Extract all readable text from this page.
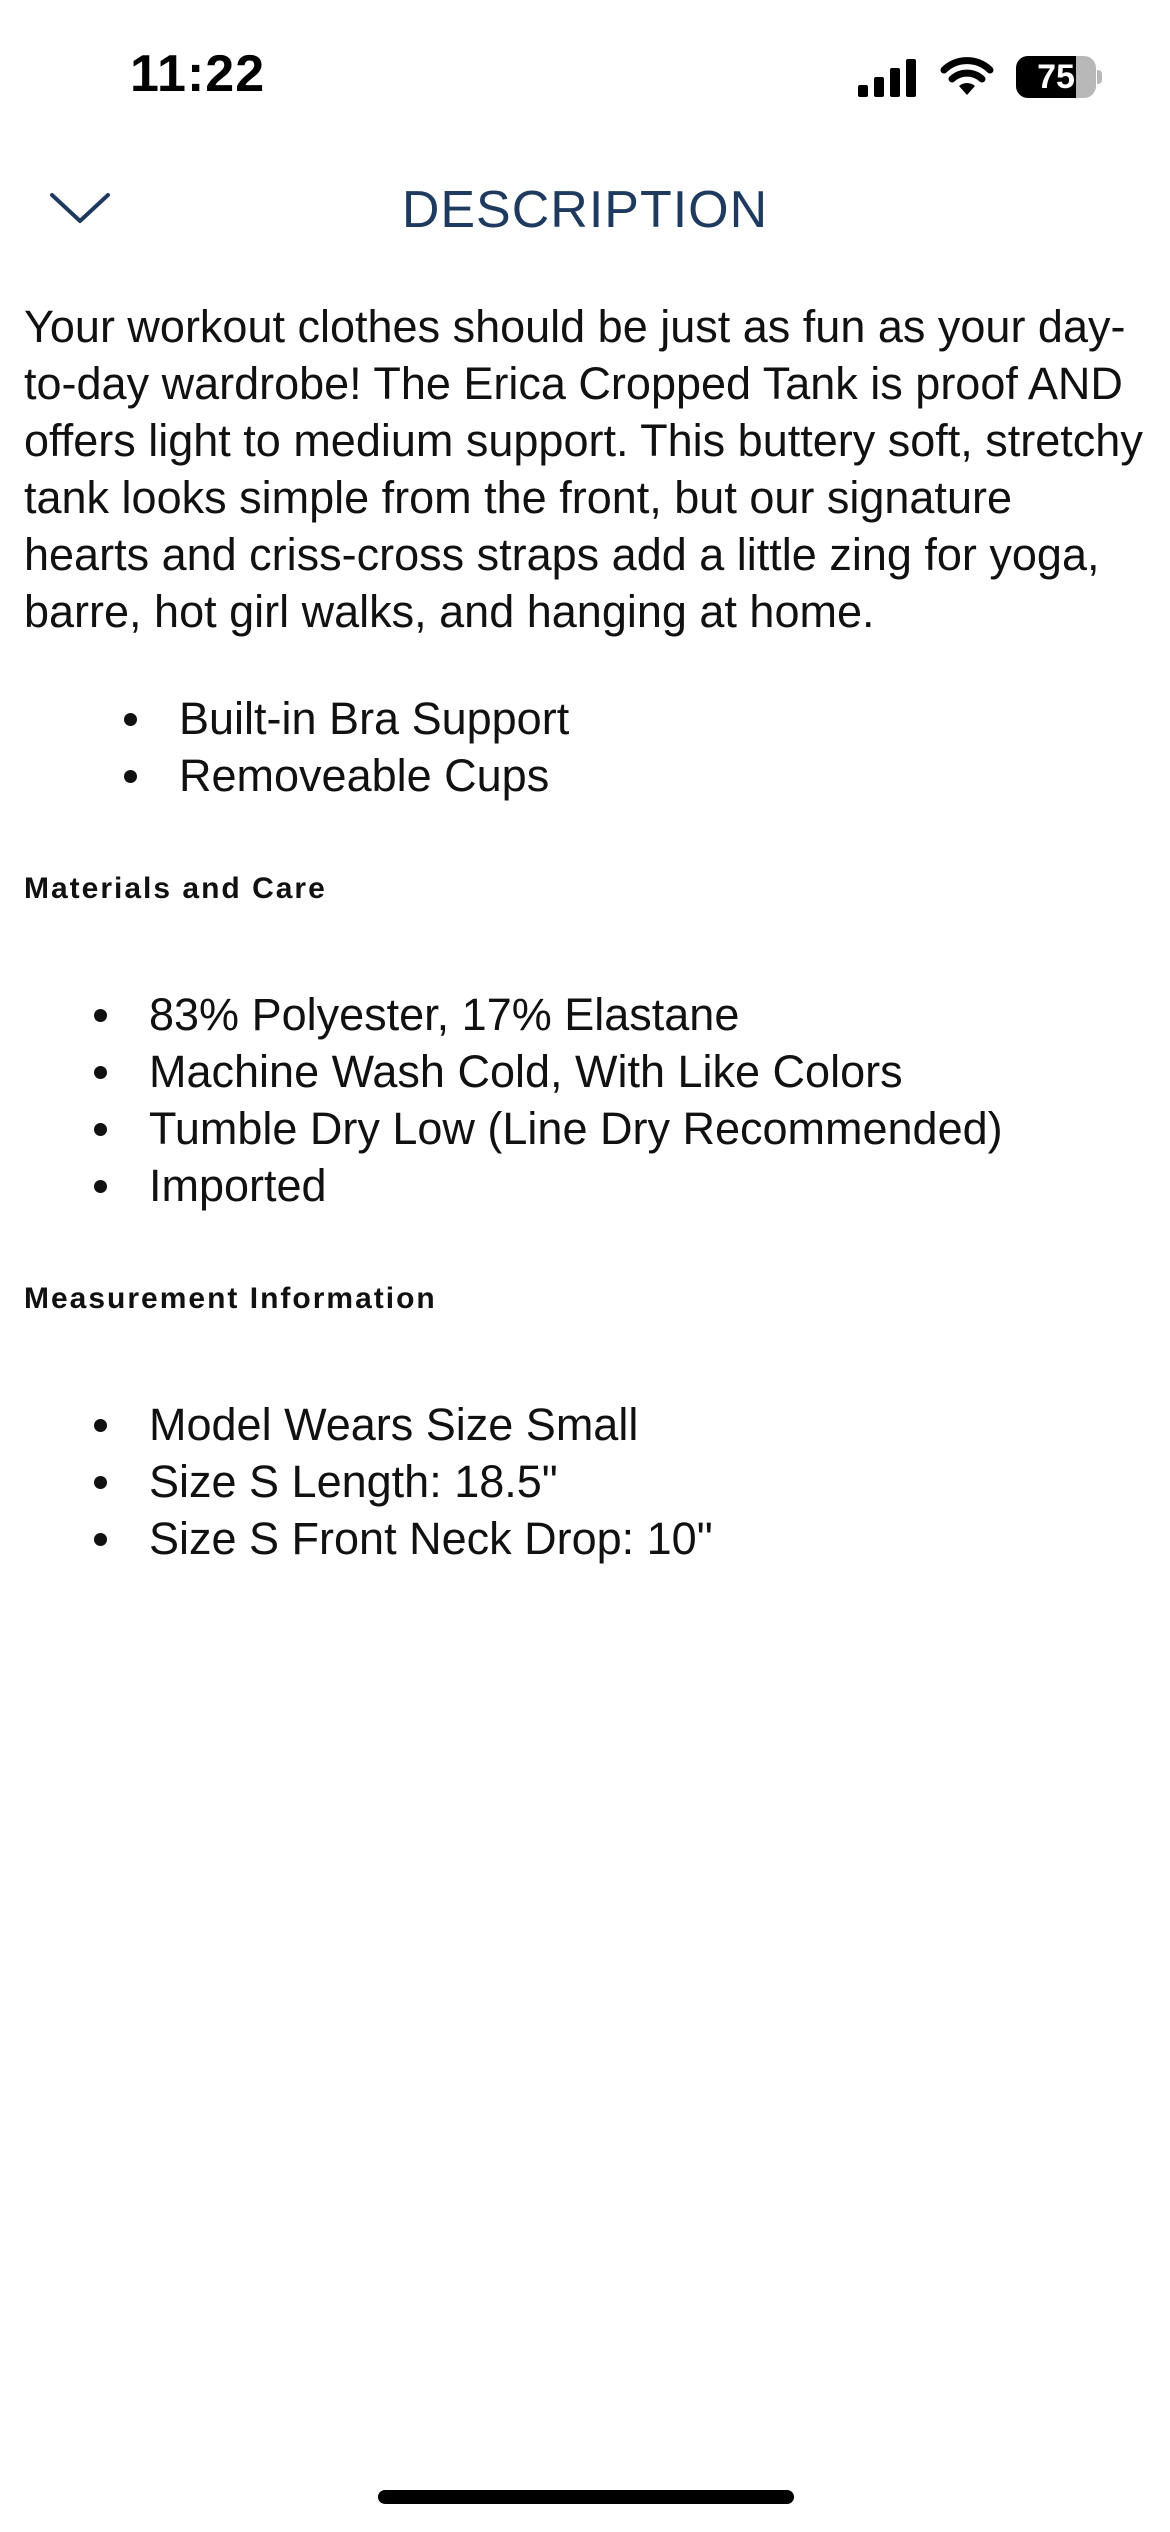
11:22	75
DESCRIPTION

Your workout clothes should be just as fun as your day-to-day wardrobe! The Erica Cropped Tank is proof AND offers light to medium support. This buttery soft, stretchy tank looks simple from the front, but our signature hearts and criss-cross straps add a little zing for yoga, barre, hot girl walks, and hanging at home.

Built-in Bra Support
Removeable Cups
Materials and Care
83% Polyester, 17% Elastane
Machine Wash Cold, With Like Colors
Tumble Dry Low (Line Dry Recommended)
Imported
Measurement Information
Model Wears Size Small
Size S Length: 18.5"
Size S Front Neck Drop: 10"
